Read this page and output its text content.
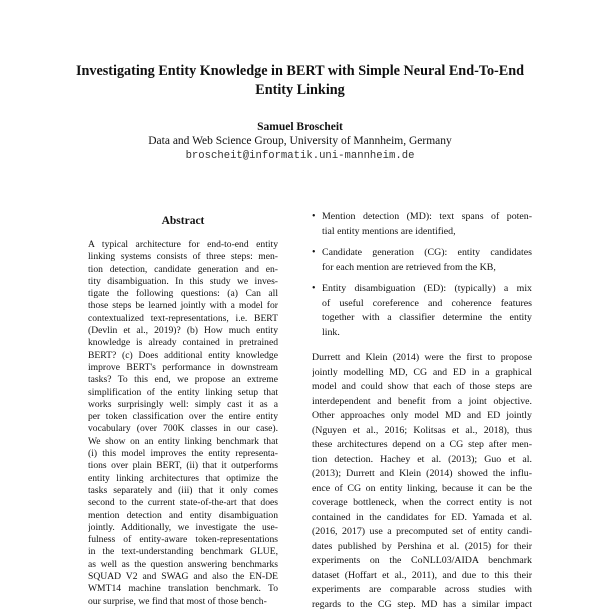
Investigating Entity Knowledge in BERT with Simple Neural End-To-End Entity Linking
Samuel Broscheit
Data and Web Science Group, University of Mannheim, Germany
broscheit@informatik.uni-mannheim.de
Abstract
A typical architecture for end-to-end entity
linking systems consists of three steps: men-
tion detection, candidate generation and en-
tity disambiguation. In this study we inves-
tigate the following questions: (a) Can all
those steps be learned jointly with a model for
contextualized text-representations, i.e. BERT
(Devlin et al., 2019)? (b) How much entity
knowledge is already contained in pretrained
BERT? (c) Does additional entity knowledge
improve BERT's performance in downstream
tasks? To this end, we propose an extreme
simplification of the entity linking setup that
works surprisingly well: simply cast it as a
per token classification over the entire entity
vocabulary (over 700K classes in our case).
We show on an entity linking benchmark that
(i) this model improves the entity representa-
tions over plain BERT, (ii) that it outperforms
entity linking architectures that optimize the
tasks separately and (iii) that it only comes
second to the current state-of-the-art that does
mention detection and entity disambiguation
jointly. Additionally, we investigate the use-
fulness of entity-aware token-representations
in the text-understanding benchmark GLUE,
as well as the question answering benchmarks
SQUAD V2 and SWAG and also the EN-DE
WMT14 machine translation benchmark. To
our surprise, we find that most of those bench-
• Mention detection (MD): text spans of poten-
tial entity mentions are identified,
• Candidate generation (CG): entity candidates
for each mention are retrieved from the KB,
• Entity disambiguation (ED): (typically) a mix
of useful coreference and coherence features
together with a classifier determine the entity
link.
Durrett and Klein (2014) were the first to propose
jointly modelling MD, CG and ED in a graphical
model and could show that each of those steps are
interdependent and benefit from a joint objective.
Other approaches only model MD and ED jointly
(Nguyen et al., 2016; Kolitsas et al., 2018), thus
these architectures depend on a CG step after men-
tion detection. Hachey et al. (2013); Guo et al.
(2013); Durrett and Klein (2014) showed the influ-
ence of CG on entity linking, because it can be the
coverage bottleneck, when the correct entity is not
contained in the candidates for ED. Yamada et al.
(2016, 2017) use a precomputed set of entity candi-
dates published by Pershina et al. (2015) for their
experiments on the CoNLL03/AIDA benchmark
dataset (Hoffart et al., 2011), and due to this their
experiments are comparable across studies with
regards to the CG step. MD has a similar impact
